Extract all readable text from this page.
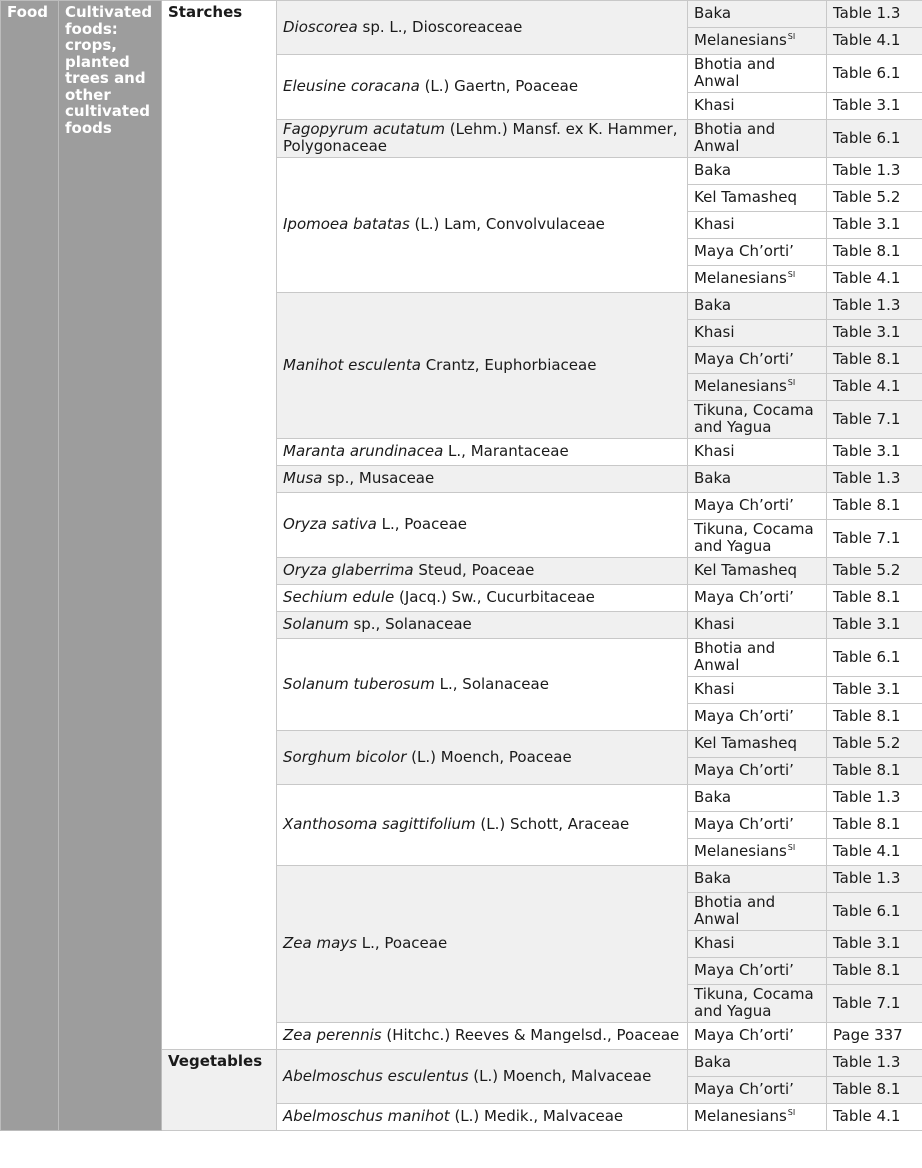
Food	Cultivated foods: crops, planted trees and other cultivated foods	Starches	Dioscorea sp. L., Dioscoreaceae	Baka	Table 1.3
				Melanesians$^{SI}$	Table 4.1
			Eleusine coracana (L.) Gaertn, Poaceae	Bhotia and Anwal	Table 6.1
				Khasi	Table 3.1
			Fagopyrum acutatum (Lehm.) Mansf. ex K. Hammer, Polygonaceae	Bhotia and Anwal	Table 6.1
			Ipomoea batatas (L.) Lam, Convolvulaceae	Baka	Table 1.3
				Kel Tamasheq	Table 5.2
				Khasi	Table 3.1
				Maya Ch’orti’	Table 8.1
				Melanesians$^{SI}$	Table 4.1
			Manihot esculenta Crantz, Euphorbiaceae	Baka	Table 1.3
				Khasi	Table 3.1
				Maya Ch’orti’	Table 8.1
				Melanesians$^{SI}$	Table 4.1
				Tikuna, Cocama and Yagua	Table 7.1
			Maranta arundinacea L., Marantaceae	Khasi	Table 3.1
			Musa sp., Musaceae	Baka	Table 1.3
			Oryza sativa L., Poaceae	Maya Ch’orti’	Table 8.1
				Tikuna, Cocama and Yagua	Table 7.1
			Oryza glaberrima Steud, Poaceae	Kel Tamasheq	Table 5.2
			Sechium edule (Jacq.) Sw., Cucurbitaceae	Maya Ch’orti’	Table 8.1
			Solanum sp., Solanaceae	Khasi	Table 3.1
			Solanum tuberosum L., Solanaceae	Bhotia and Anwal	Table 6.1
				Khasi	Table 3.1
				Maya Ch’orti’	Table 8.1
			Sorghum bicolor (L.) Moench, Poaceae	Kel Tamasheq	Table 5.2
				Maya Ch’orti’	Table 8.1
			Xanthosoma sagittifolium (L.) Schott, Araceae	Baka	Table 1.3
				Maya Ch’orti’	Table 8.1
				Melanesians$^{SI}$	Table 4.1
			Zea mays L., Poaceae	Baka	Table 1.3
				Bhotia and Anwal	Table 6.1
				Khasi	Table 3.1
				Maya Ch’orti’	Table 8.1
				Tikuna, Cocama and Yagua	Table 7.1
			Zea perennis (Hitchc.) Reeves & Mangelsd., Poaceae	Maya Ch’orti’	Page 337
		Vegetables	Abelmoschus esculentus (L.) Moench, Malvaceae	Baka	Table 1.3
				Maya Ch’orti’	Table 8.1
			Abelmoschus manihot (L.) Medik., Malvaceae	Melanesians$^{SI}$	Table 4.1
